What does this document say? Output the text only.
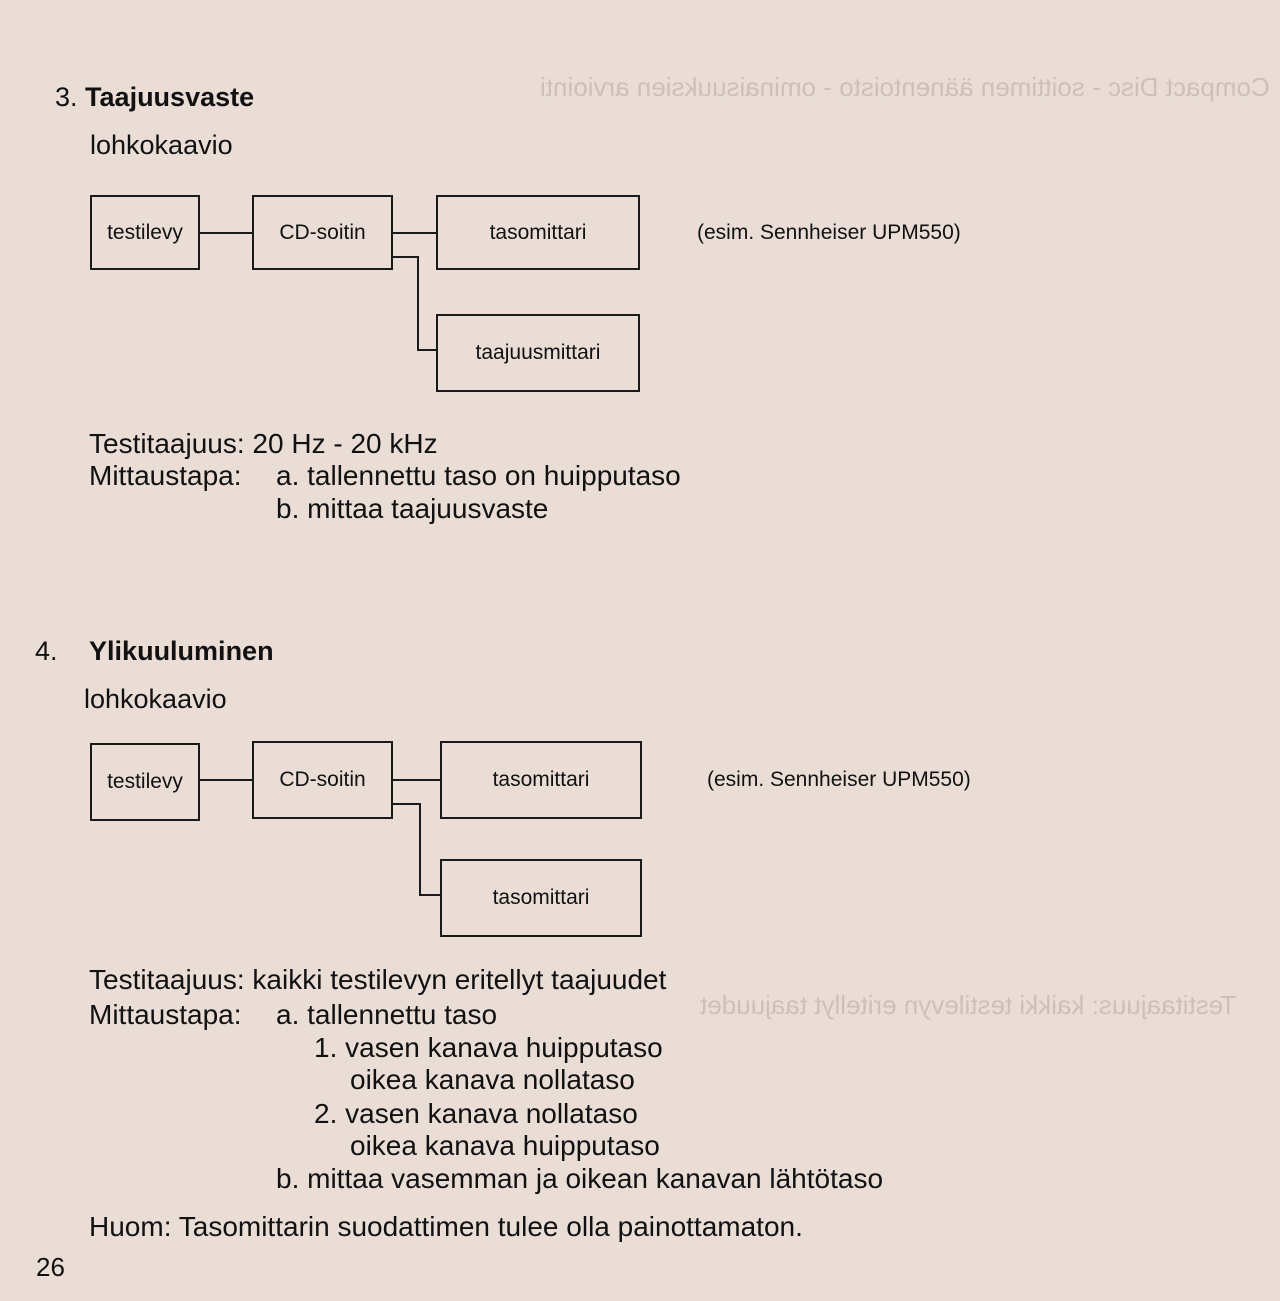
Compact Disc - soittimen äänentoisto - ominaisuuksien arviointi
Testitaajuus: kaikki testilevyn eritellyt taajuudet
3. Taajuusvaste
lohkokaavio
testilevy	CD-soitin	tasomittari	(esim. Sennheiser UPM550)
taajuusmittari
Testitaajuus: 20 Hz - 20 kHz
Mittaustapa: a. tallennettu taso on huipputaso
b. mittaa taajuusvaste
4. Ylikuuluminen
lohkokaavio
testilevy	CD-soitin	tasomittari	(esim. Sennheiser UPM550)
tasomittari
Testitaajuus: kaikki testilevyn eritellyt taajuudet
Mittaustapa: a. tallennettu taso
1. vasen kanava huipputaso
oikea kanava nollataso
2. vasen kanava nollataso
oikea kanava huipputaso
b. mittaa vasemman ja oikean kanavan lähtötaso
Huom: Tasomittarin suodattimen tulee olla painottamaton.
26
